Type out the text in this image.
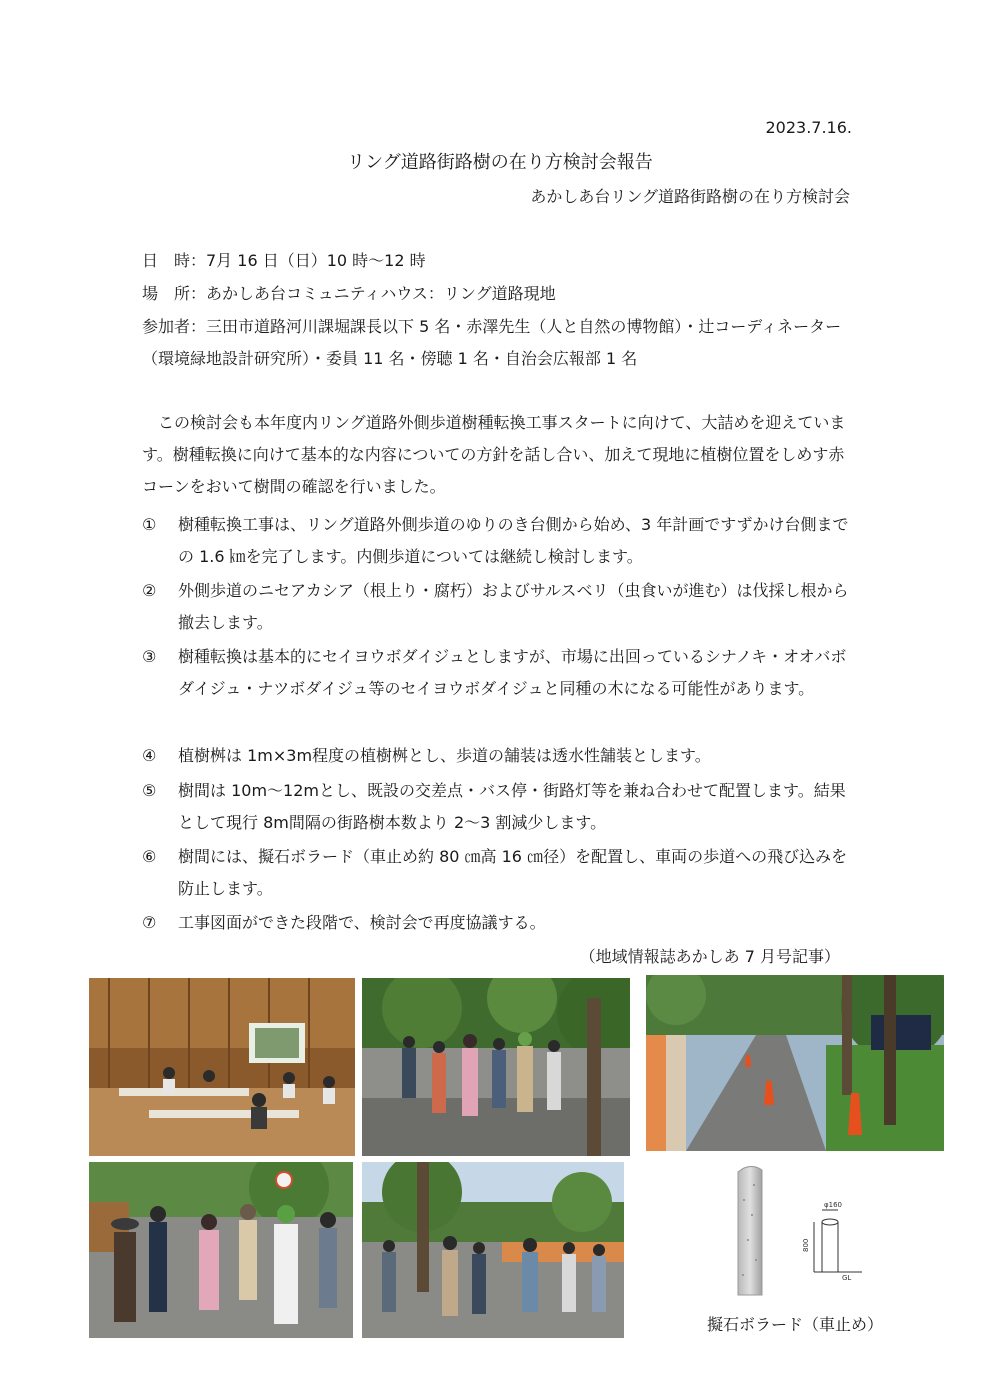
2023.7.16.
リング道路街路樹の在り方検討会報告
あかしあ台リング道路街路樹の在り方検討会
日　時：7月 16 日（日）10 時～12 時
場　所：あかしあ台コミュニティハウス：リング道路現地
参加者：三田市道路河川課堀課長以下 5 名・赤澤先生（人と自然の博物館）・辻コーディネーター（環境緑地設計研究所）・委員 11 名・傍聴 1 名・自治会広報部 1 名
この検討会も本年度内リング道路外側歩道樹種転換工事スタートに向けて、大詰めを迎えています。樹種転換に向けて基本的な内容についての方針を話し合い、加えて現地に植樹位置をしめす赤コーンをおいて樹間の確認を行いました。
①	樹種転換工事は、リング道路外側歩道のゆりのき台側から始め、3 年計画ですずかけ台側までの 1.6 ㎞を完了します。内側歩道については継続し検討します。
②	外側歩道のニセアカシア（根上り・腐朽）およびサルスベリ（虫食いが進む）は伐採し根から撤去します。
③	樹種転換は基本的にセイヨウボダイジュとしますが、市場に出回っているシナノキ・オオバボダイジュ・ナツボダイジュ等のセイヨウボダイジュと同種の木になる可能性があります。
④	植樹桝は 1m×3m程度の植樹桝とし、歩道の舗装は透水性舗装とします。
⑤	樹間は 10m～12mとし、既設の交差点・バス停・街路灯等を兼ね合わせて配置します。結果として現行 8m間隔の街路樹本数より 2～3 割減少します。
⑥	樹間には、擬石ボラード（車止め約 80 ㎝高 16 ㎝径）を配置し、車両の歩道への飛び込みを防止します。
⑦	工事図面ができた段階で、検討会で再度協議する。
（地域情報誌あかしあ 7 月号記事）
φ160
800
GL
擬石ボラード（車止め）
